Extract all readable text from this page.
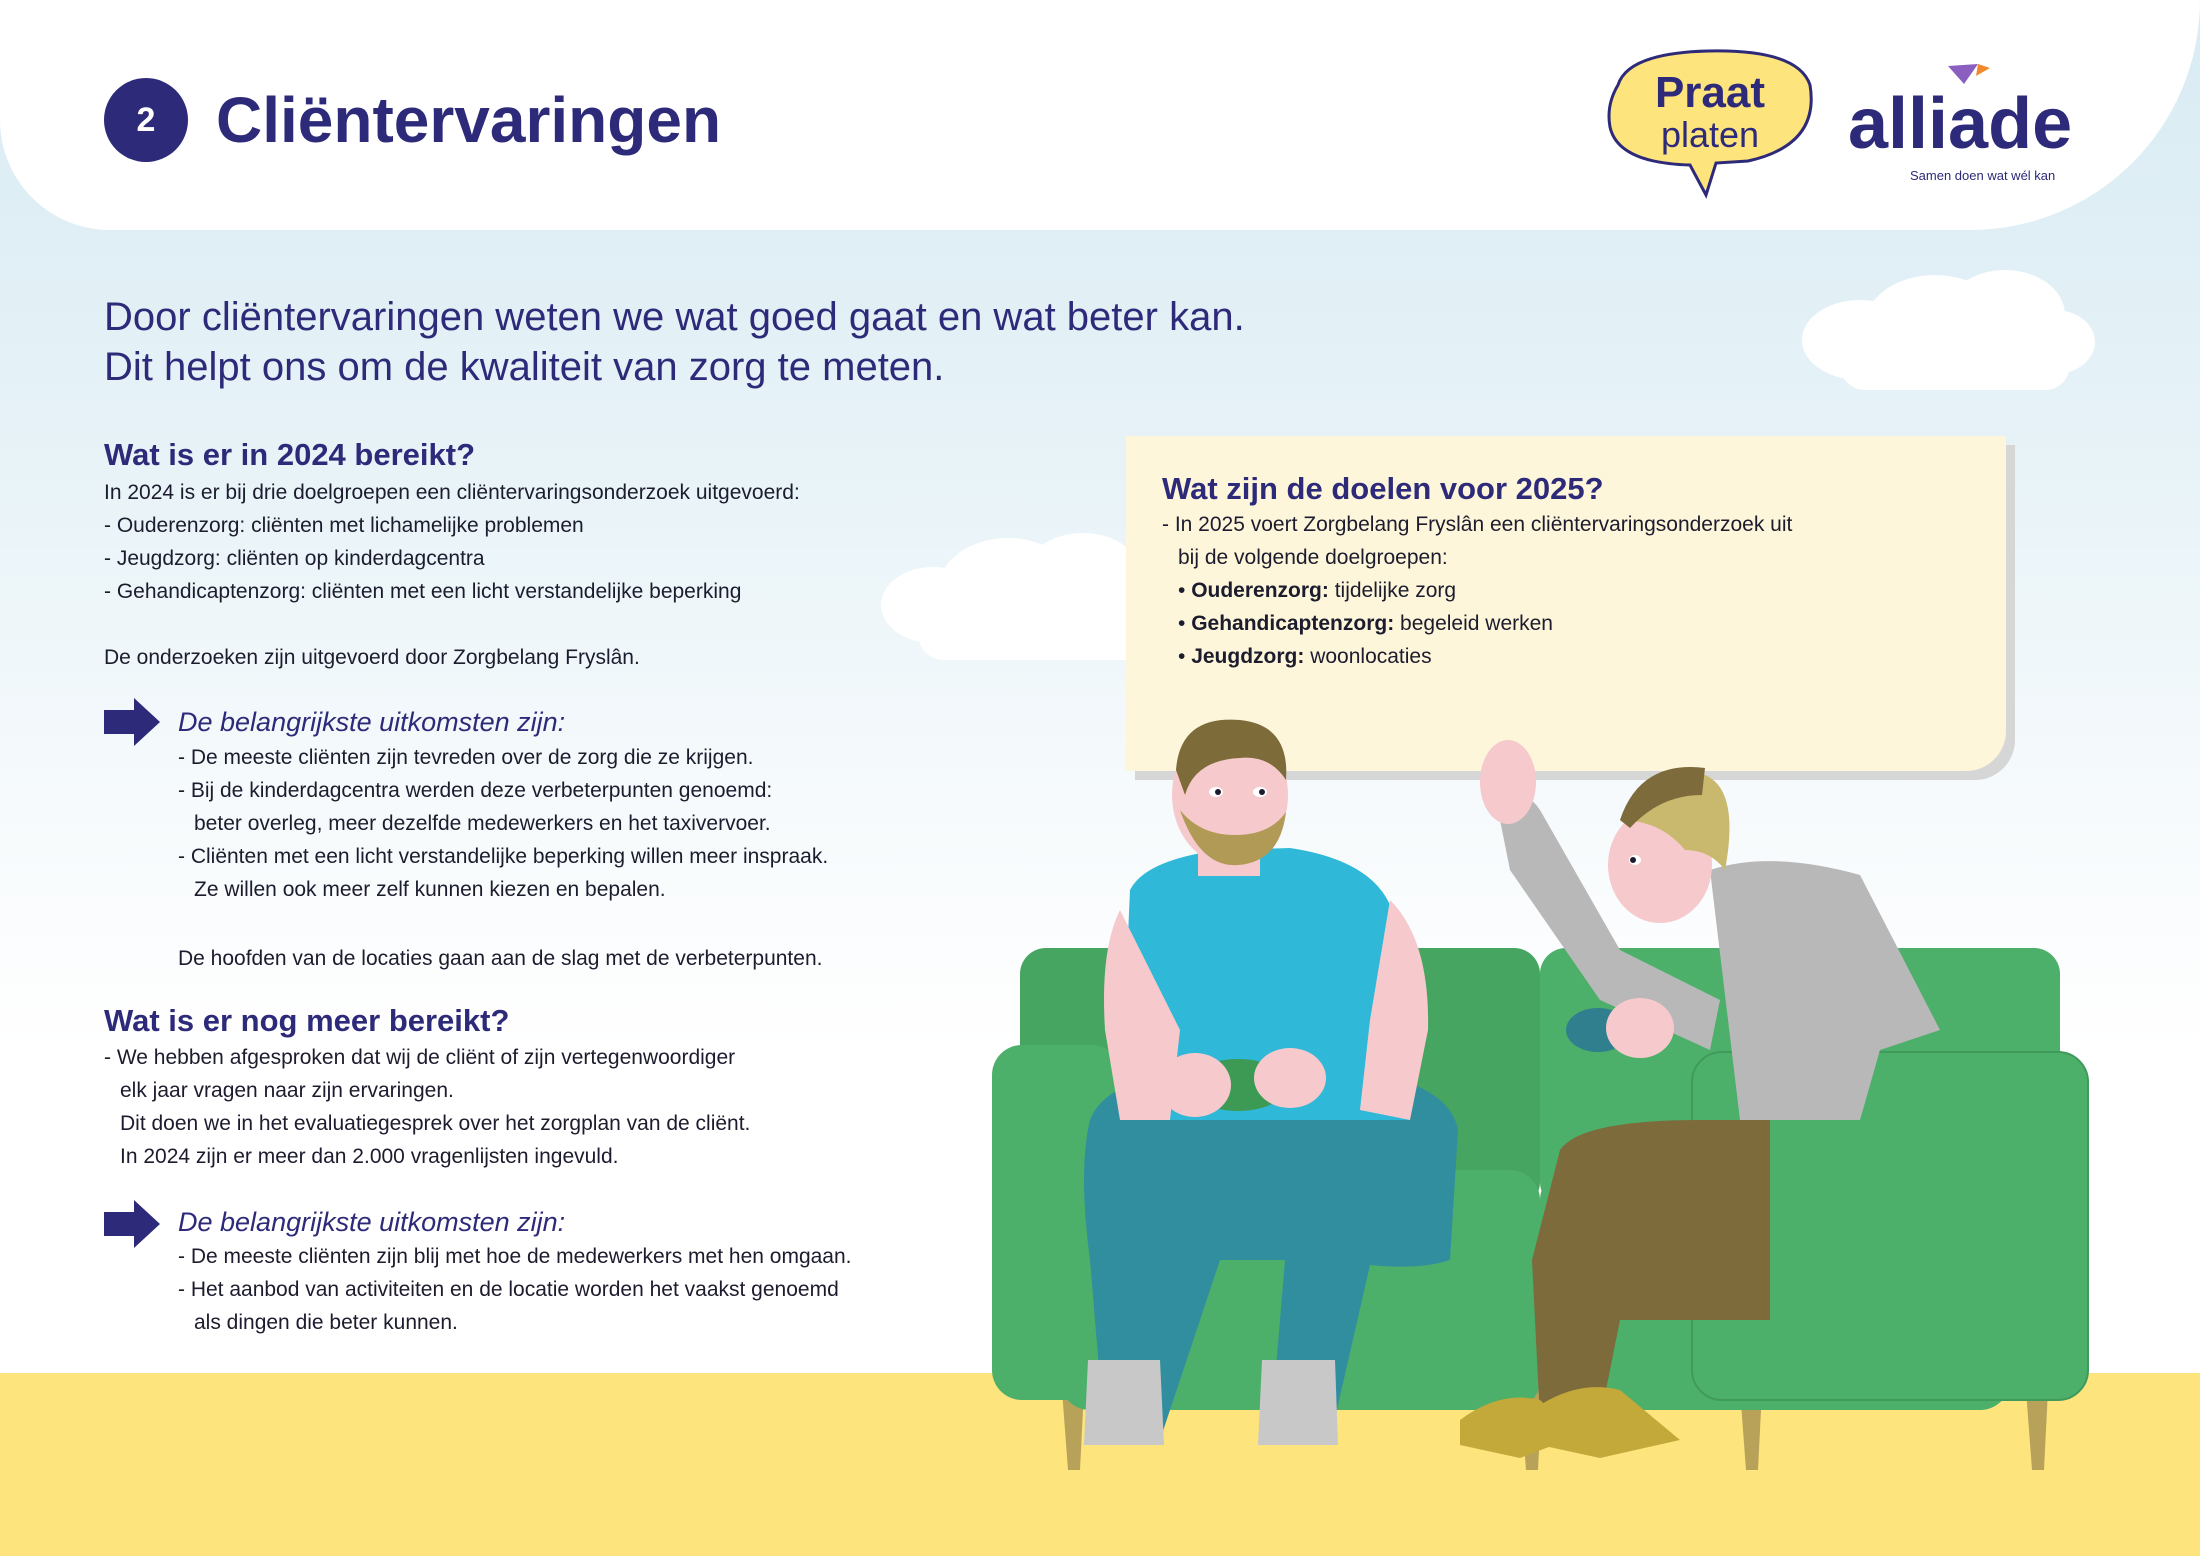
2 Cliëntervaringen	Praat
platen alliade
Samen doen wat wél kan

Door cliëntervaringen weten we wat goed gaat en wat beter kan.
Dit helpt ons om de kwaliteit van zorg te meten.

Wat is er in 2024 bereikt?
In 2024 is er bij drie doelgroepen een cliëntervaringsonderzoek uitgevoerd:
- Ouderenzorg: cliënten met lichamelijke problemen
- Jeugdzorg: cliënten op kinderdagcentra
- Gehandicaptenzorg: cliënten met een licht verstandelijke beperking
De onderzoeken zijn uitgevoerd door Zorgbelang Fryslân.
De belangrijkste uitkomsten zijn:
- De meeste cliënten zijn tevreden over de zorg die ze krijgen.
- Bij de kinderdagcentra werden deze verbeterpunten genoemd:
beter overleg, meer dezelfde medewerkers en het taxivervoer.
- Cliënten met een licht verstandelijke beperking willen meer inspraak.
Ze willen ook meer zelf kunnen kiezen en bepalen.
De hoofden van de locaties gaan aan de slag met de verbeterpunten.
Wat is er nog meer bereikt?
- We hebben afgesproken dat wij de cliënt of zijn vertegenwoordiger
elk jaar vragen naar zijn ervaringen.
Dit doen we in het evaluatiegesprek over het zorgplan van de cliënt.
In 2024 zijn er meer dan 2.000 vragenlijsten ingevuld.
De belangrijkste uitkomsten zijn:
- De meeste cliënten zijn blij met hoe de medewerkers met hen omgaan.
- Het aanbod van activiteiten en de locatie worden het vaakst genoemd
als dingen die beter kunnen.
Wat zijn de doelen voor 2025?
- In 2025 voert Zorgbelang Fryslân een cliëntervaringsonderzoek uit
bij de volgende doelgroepen:
• Ouderenzorg: tijdelijke zorg
• Gehandicaptenzorg: begeleid werken
• Jeugdzorg: woonlocaties
